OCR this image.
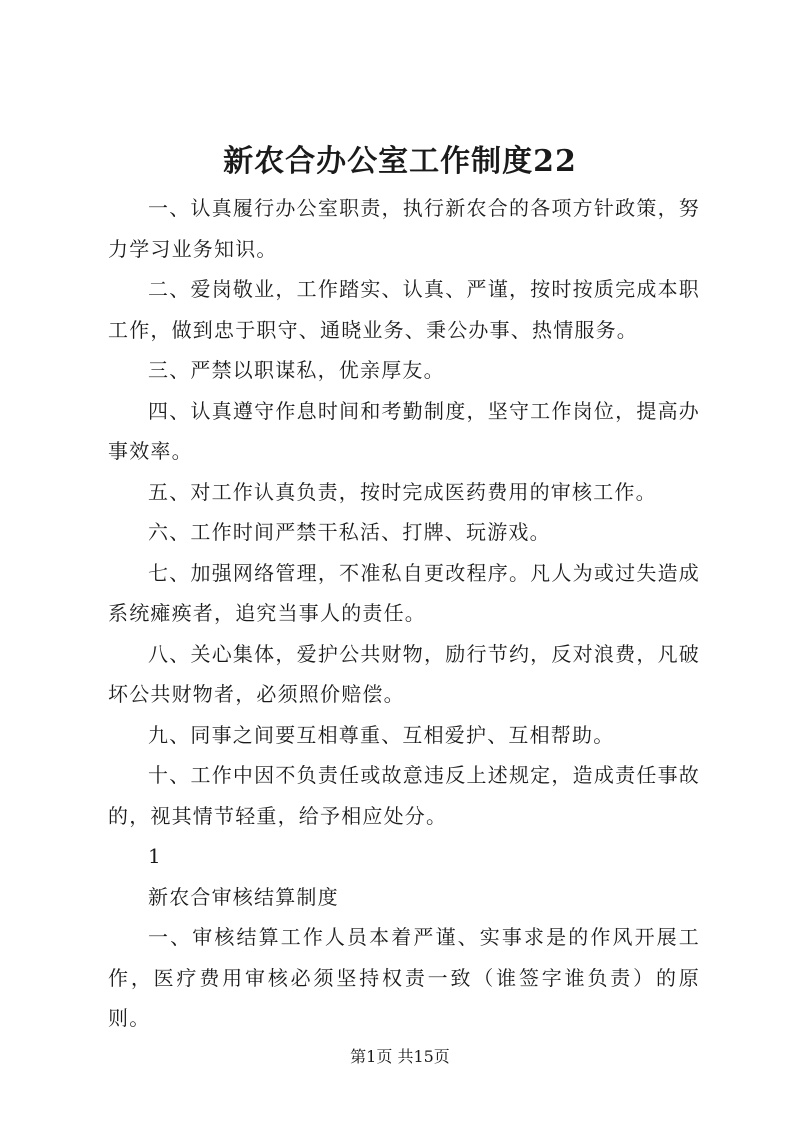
新农合办公室工作制度22

一、认真履行办公室职责，执行新农合的各项方针政策，努力学习业务知识。

二、爱岗敬业，工作踏实、认真、严谨，按时按质完成本职工作，做到忠于职守、通晓业务、秉公办事、热情服务。

三、严禁以职谋私，优亲厚友。

四、认真遵守作息时间和考勤制度，坚守工作岗位，提高办事效率。

五、对工作认真负责，按时完成医药费用的审核工作。

六、工作时间严禁干私活、打牌、玩游戏。

七、加强网络管理，不准私自更改程序。凡人为或过失造成系统瘫痪者，追究当事人的责任。

八、关心集体，爱护公共财物，励行节约，反对浪费，凡破坏公共财物者，必须照价赔偿。

九、同事之间要互相尊重、互相爱护、互相帮助。

十、工作中因不负责任或故意违反上述规定，造成责任事故的，视其情节轻重，给予相应处分。

1

新农合审核结算制度

一、审核结算工作人员本着严谨、实事求是的作风开展工作，医疗费用审核必须坚持权责一致（谁签字谁负责）的原则。

第1页 共15页
